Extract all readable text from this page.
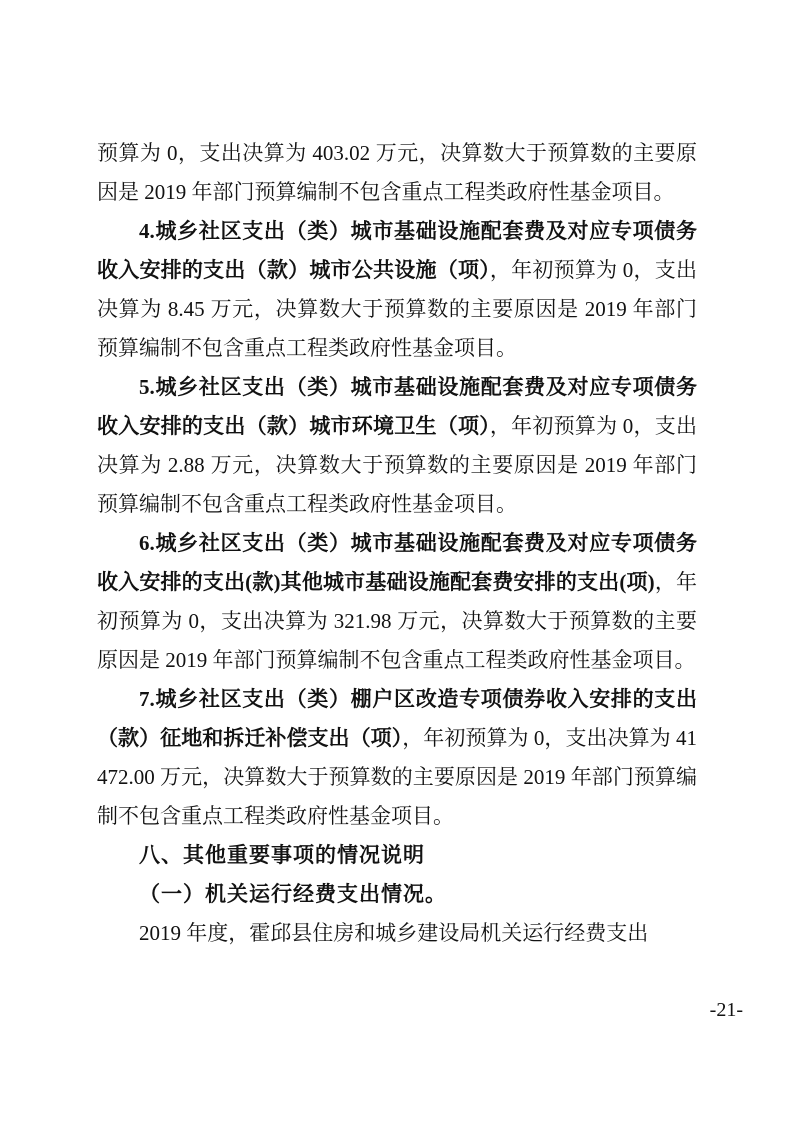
预算为 0，支出决算为 403.02 万元，决算数大于预算数的主要原因是 2019 年部门预算编制不包含重点工程类政府性基金项目。

4.城乡社区支出（类）城市基础设施配套费及对应专项债务收入安排的支出（款）城市公共设施（项），年初预算为 0，支出决算为 8.45 万元，决算数大于预算数的主要原因是 2019 年部门预算编制不包含重点工程类政府性基金项目。

5.城乡社区支出（类）城市基础设施配套费及对应专项债务收入安排的支出（款）城市环境卫生（项），年初预算为 0，支出决算为 2.88 万元，决算数大于预算数的主要原因是 2019 年部门预算编制不包含重点工程类政府性基金项目。

6.城乡社区支出（类）城市基础设施配套费及对应专项债务收入安排的支出(款)其他城市基础设施配套费安排的支出(项)，年初预算为 0，支出决算为 321.98 万元，决算数大于预算数的主要原因是 2019 年部门预算编制不包含重点工程类政府性基金项目。

7.城乡社区支出（类）棚户区改造专项债券收入安排的支出（款）征地和拆迁补偿支出（项），年初预算为 0，支出决算为 41472.00 万元，决算数大于预算数的主要原因是 2019 年部门预算编制不包含重点工程类政府性基金项目。

八、其他重要事项的情况说明

（一）机关运行经费支出情况。

2019 年度，霍邱县住房和城乡建设局机关运行经费支出

-21-
